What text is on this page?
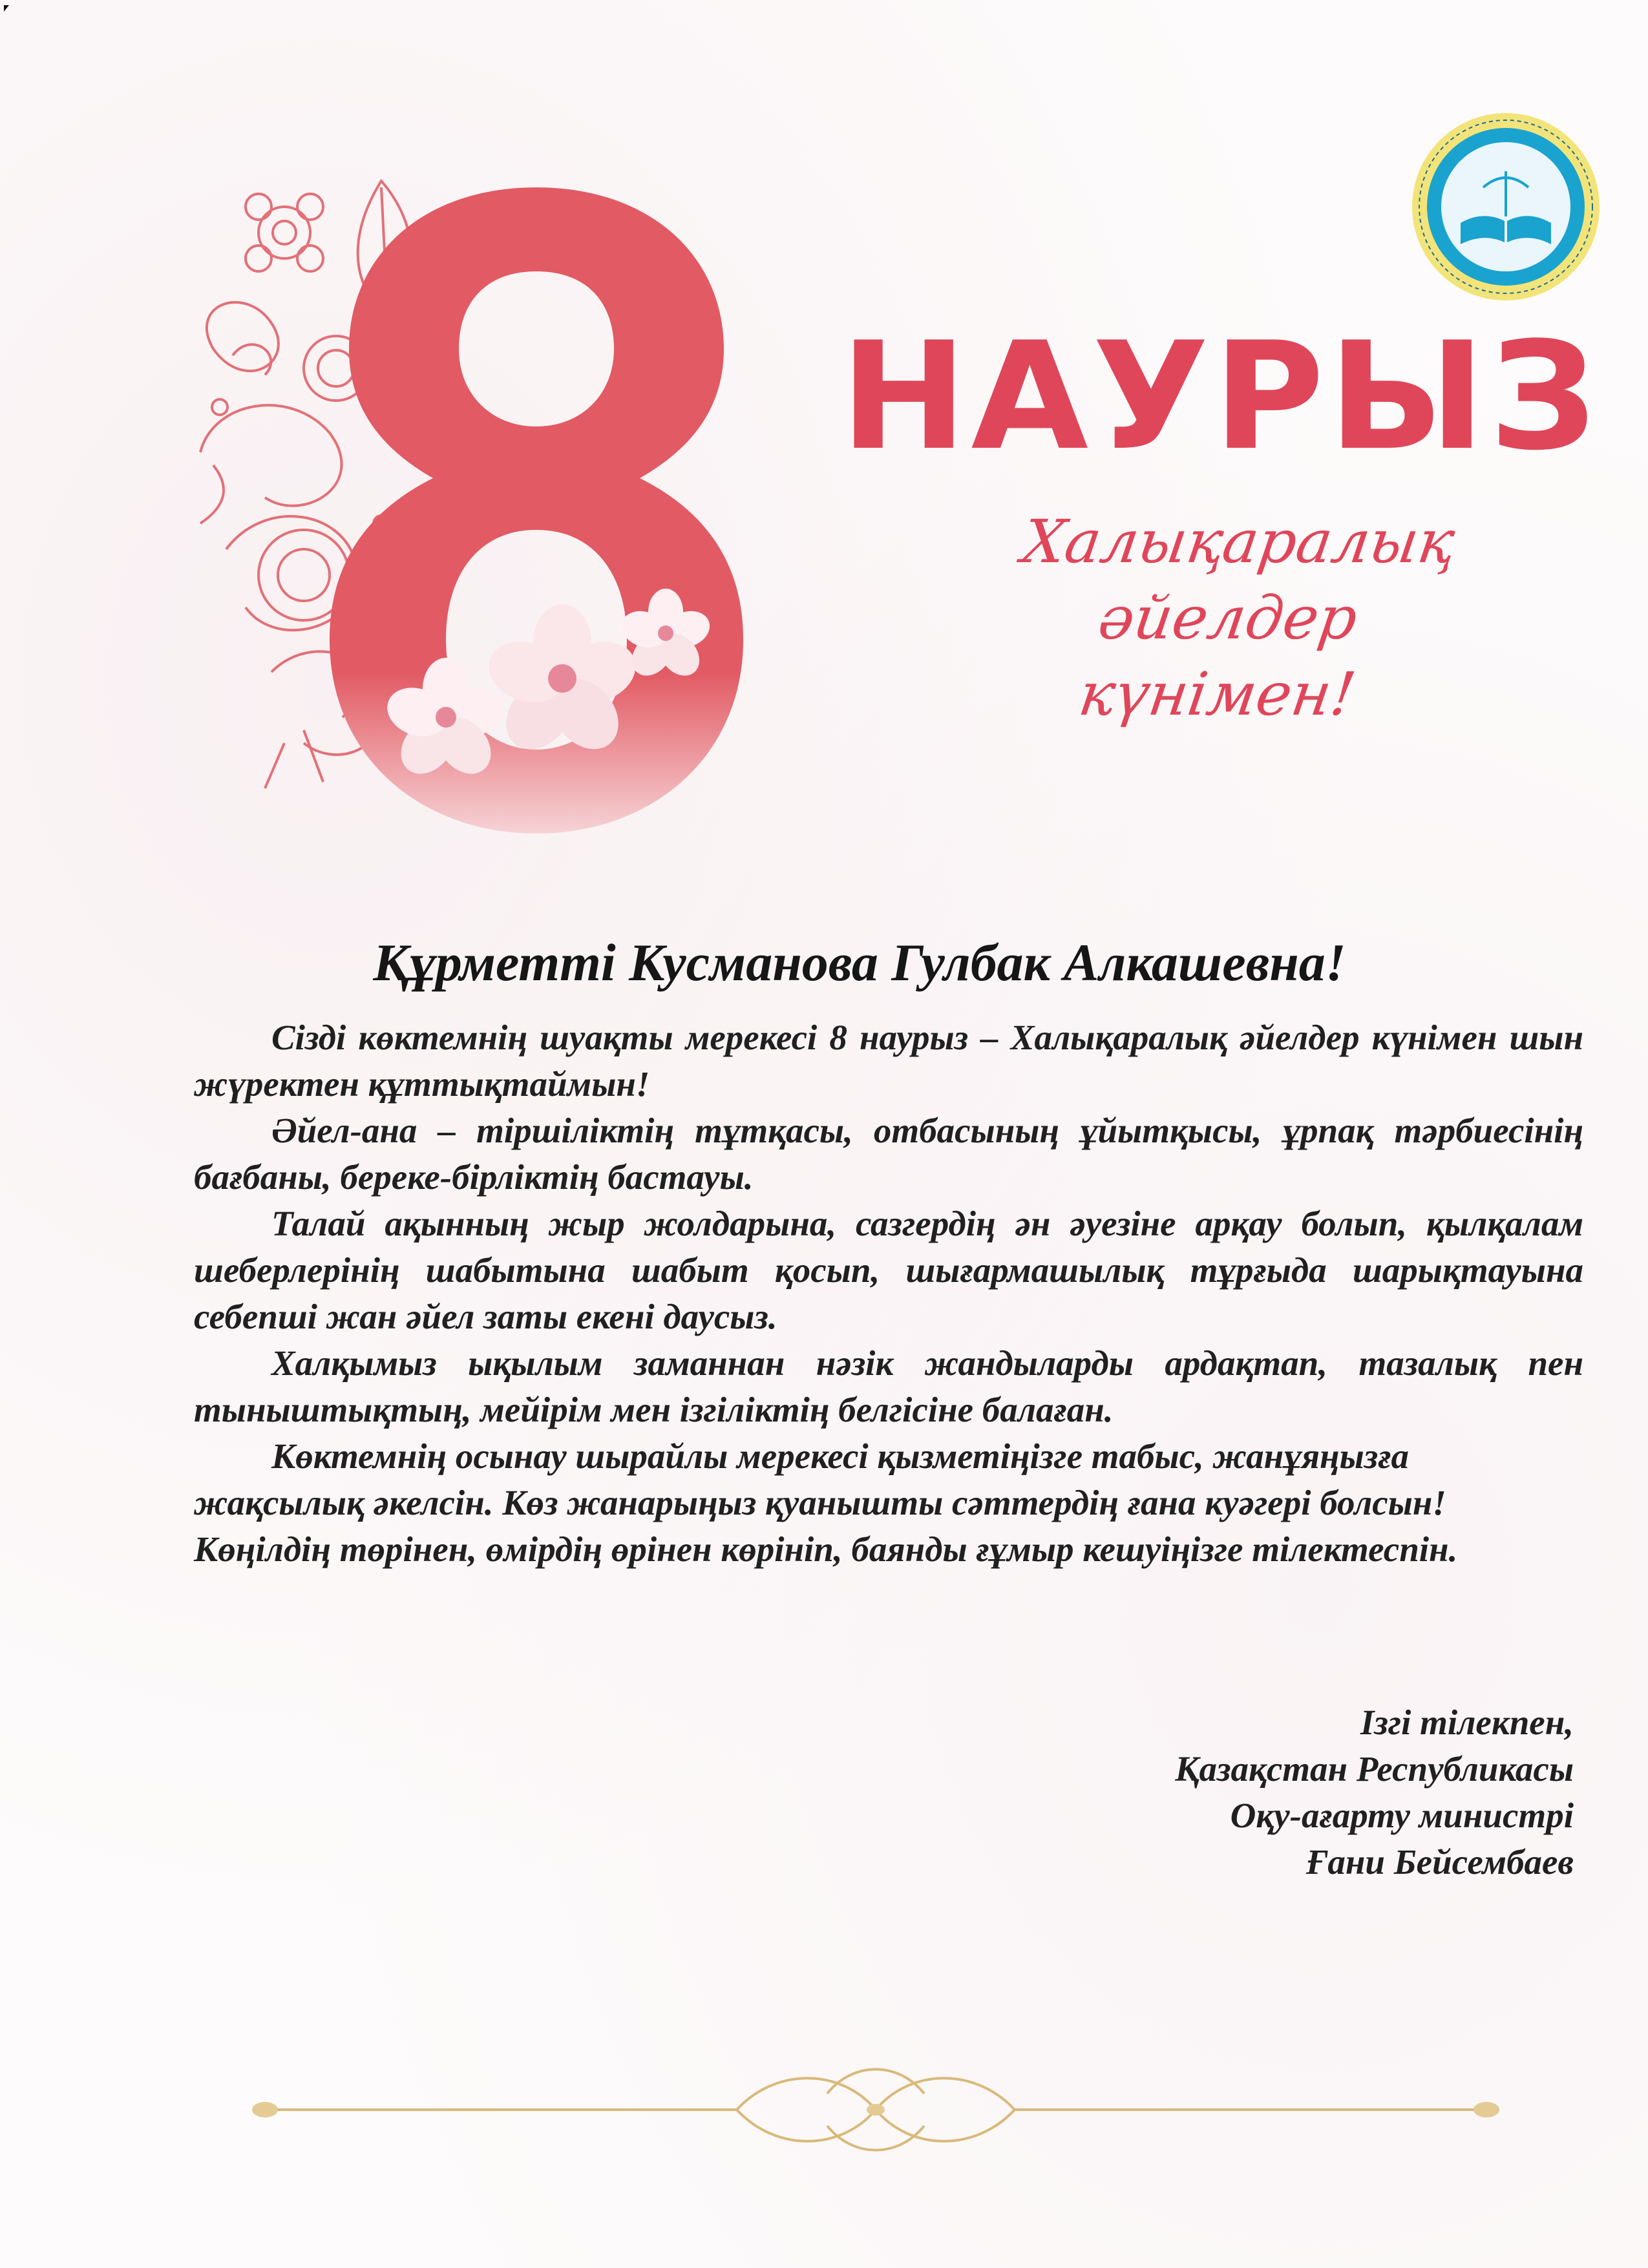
НАУРЫЗ
Халықаралық
әйелдер күнімен!
Құрметті Кусманова Гулбак Алкашевна!

Сізді көктемнің шуақты мерекесі 8 наурыз – Халықаралық әйелдер күнімен шын жүректен құттықтаймын!

Әйел-ана – тіршіліктің тұтқасы, отбасының ұйытқысы, ұрпақ тәрбиесінің бағбаны, береке-бірліктің бастауы.

Талай ақынның жыр жолдарына, сазгердің ән әуезіне арқау болып, қылқалам шеберлерінің шабытына шабыт қосып, шығармашылық тұрғыда шарықтауына себепші жан әйел заты екені даусыз.

Халқымыз ықылым заманнан нәзік жандыларды ардақтап, тазалық пен тыныштықтың, мейірім мен ізгіліктің белгісіне балаған.

Көктемнің осынау шырайлы мерекесі қызметіңізге табыс, жанұяңызға жақсылық әкелсін. Көз жанарыңыз қуанышты сәттердің ғана куәгері болсын! Көңілдің төрінен, өмірдің өрінен көрініп, баянды ғұмыр кешуіңізге тілектеспін.

Ізгі тілекпен,
Қазақстан Республикасы
Оқу-ағарту министрі
Ғани Бейсембаев
